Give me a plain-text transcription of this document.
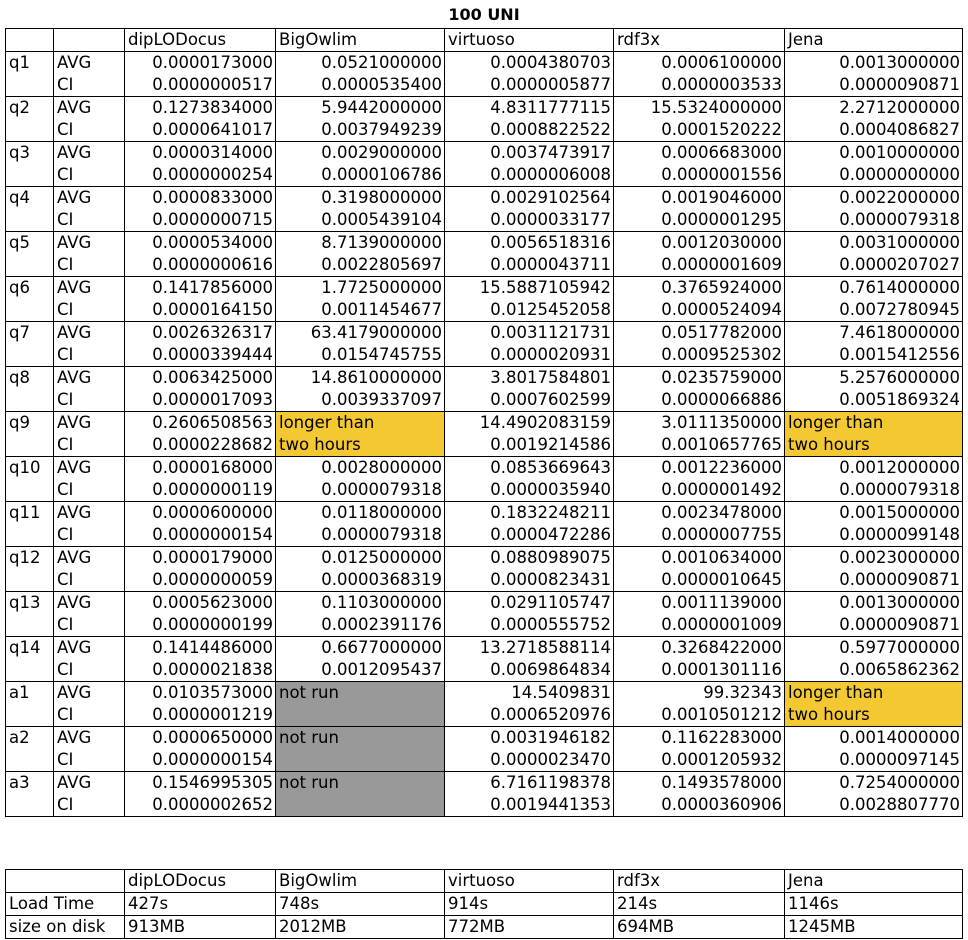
100 UNI
		dipLODocus	BigOwlim	virtuoso	rdf3x	Jena
q1	AVG	0.0000173000	0.0521000000	0.0004380703	0.0006100000	0.0013000000
	CI	0.0000000517	0.0000535400	0.0000005877	0.0000003533	0.0000090871
q2	AVG	0.1273834000	5.9442000000	4.8311777115	15.5324000000	2.2712000000
	CI	0.0000641017	0.0037949239	0.0008822522	0.0001520222	0.0004086827
q3	AVG	0.0000314000	0.0029000000	0.0037473917	0.0006683000	0.0010000000
	CI	0.0000000254	0.0000106786	0.0000006008	0.0000001556	0.0000000000
q4	AVG	0.0000833000	0.3198000000	0.0029102564	0.0019046000	0.0022000000
	CI	0.0000000715	0.0005439104	0.0000033177	0.0000001295	0.0000079318
q5	AVG	0.0000534000	8.7139000000	0.0056518316	0.0012030000	0.0031000000
	CI	0.0000000616	0.0022805697	0.0000043711	0.0000001609	0.0000207027
q6	AVG	0.1417856000	1.7725000000	15.5887105942	0.3765924000	0.7614000000
	CI	0.0000164150	0.0011454677	0.0125452058	0.0000524094	0.0072780945
q7	AVG	0.0026326317	63.4179000000	0.0031121731	0.0517782000	7.4618000000
	CI	0.0000339444	0.0154745755	0.0000020931	0.0009525302	0.0015412556
q8	AVG	0.0063425000	14.8610000000	3.8017584801	0.0235759000	5.2576000000
	CI	0.0000017093	0.0039337097	0.0007602599	0.0000066886	0.0051869324
q9	AVG	0.2606508563	longer than	14.4902083159	3.0111350000	longer than
	CI	0.0000228682	two hours	0.0019214586	0.0010657765	two hours
q10	AVG	0.0000168000	0.0028000000	0.0853669643	0.0012236000	0.0012000000
	CI	0.0000000119	0.0000079318	0.0000035940	0.0000001492	0.0000079318
q11	AVG	0.0000600000	0.0118000000	0.1832248211	0.0023478000	0.0015000000
	CI	0.0000000154	0.0000079318	0.0000472286	0.0000007755	0.0000099148
q12	AVG	0.0000179000	0.0125000000	0.0880989075	0.0010634000	0.0023000000
	CI	0.0000000059	0.0000368319	0.0000823431	0.0000010645	0.0000090871
q13	AVG	0.0005623000	0.1103000000	0.0291105747	0.0011139000	0.0013000000
	CI	0.0000000199	0.0002391176	0.0000555752	0.0000001009	0.0000090871
q14	AVG	0.1414486000	0.6677000000	13.2718588114	0.3268422000	0.5977000000
	CI	0.0000021838	0.0012095437	0.0069864834	0.0001301116	0.0065862362
a1	AVG	0.0103573000	not run	14.5409831	99.32343	longer than
	CI	0.0000001219		0.0006520976	0.0010501212	two hours
a2	AVG	0.0000650000	not run	0.0031946182	0.1162283000	0.0014000000
	CI	0.0000000154		0.0000023470	0.0001205932	0.0000097145
a3	AVG	0.1546995305	not run	6.7161198378	0.1493578000	0.7254000000
	CI	0.0000002652		0.0019441353	0.0000360906	0.0028807770
	dipLODocus	BigOwlim	virtuoso	rdf3x	Jena
Load Time	427s	748s	914s	214s	1146s
size on disk	913MB	2012MB	772MB	694MB	1245MB
